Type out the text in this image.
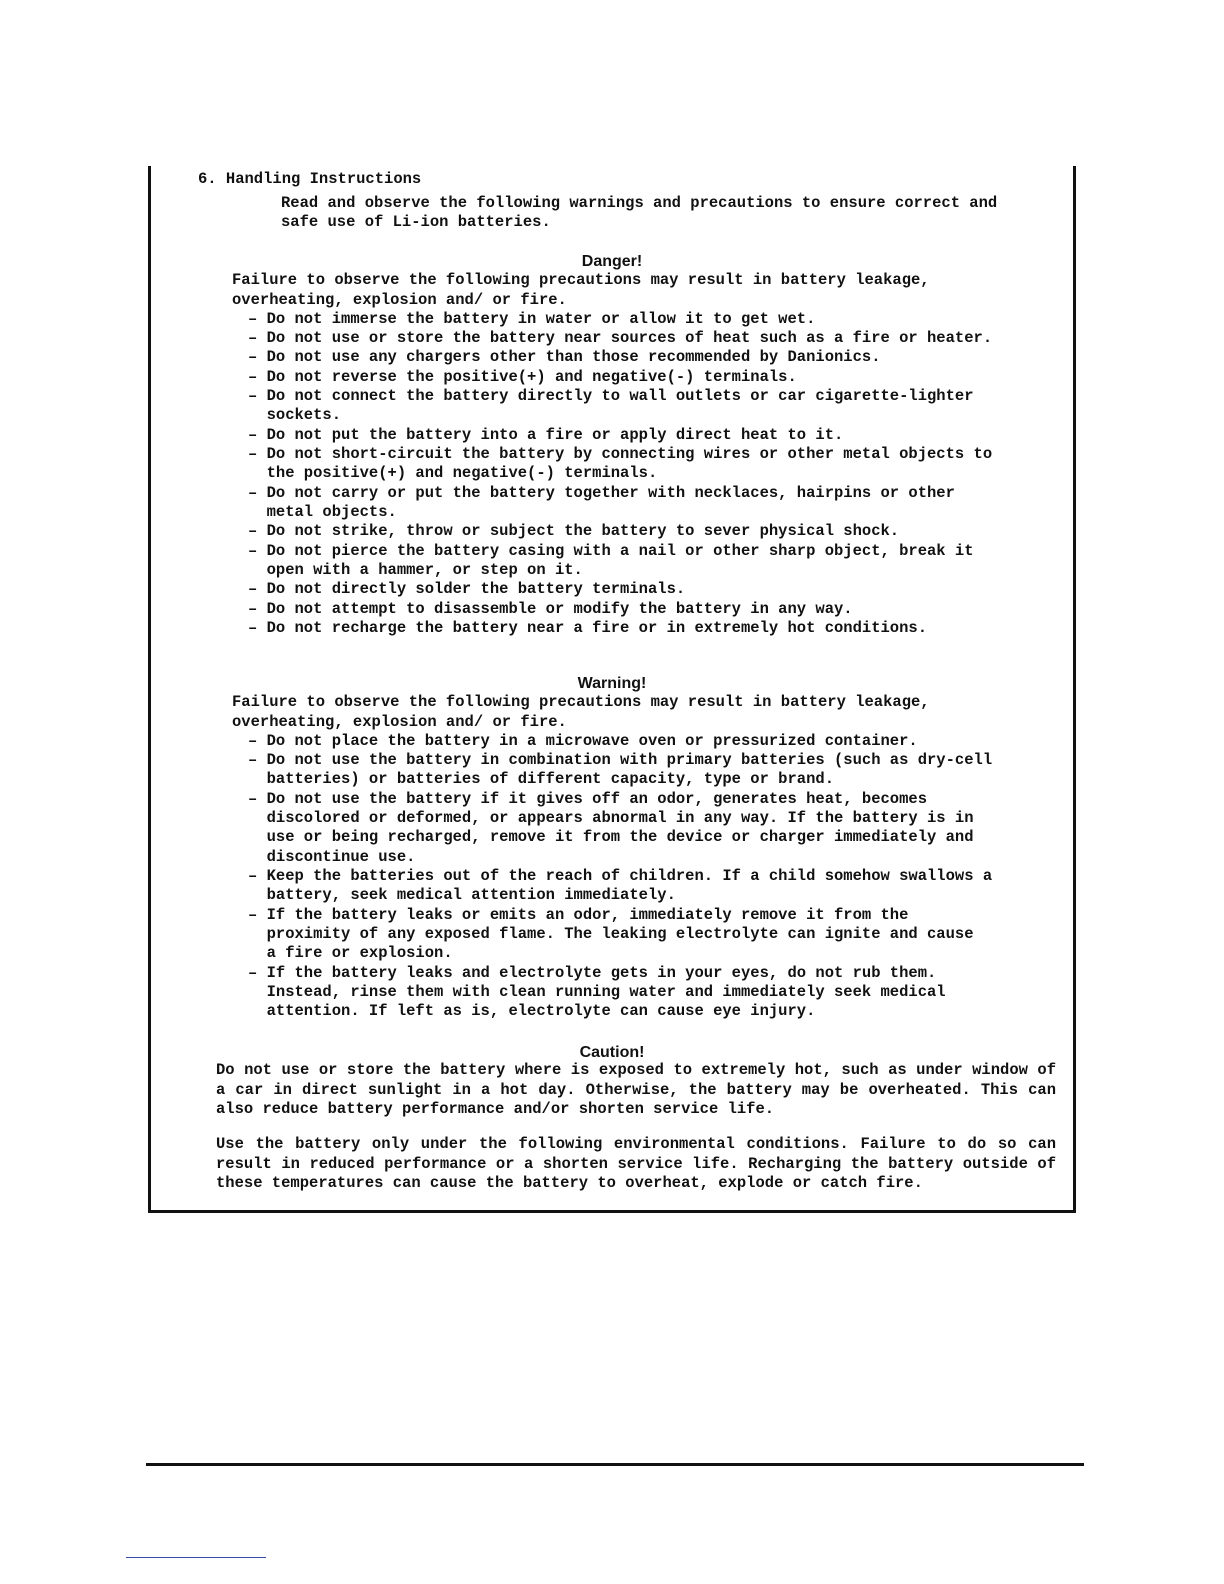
6. Handling Instructions
Read and observe the following warnings and precautions to ensure correct and
safe use of Li-ion batteries.
Danger!
Failure to observe the following precautions may result in battery leakage,
overheating, explosion and/ or fire.
– Do not immerse the battery in water or allow it to get wet.
– Do not use or store the battery near sources of heat such as a fire or heater.
– Do not use any chargers other than those recommended by Danionics.
– Do not reverse the positive(+) and negative(-) terminals.
– Do not connect the battery directly to wall outlets or car cigarette-lighter
sockets.
– Do not put the battery into a fire or apply direct heat to it.
– Do not short-circuit the battery by connecting wires or other metal objects to
the positive(+) and negative(-) terminals.
– Do not carry or put the battery together with necklaces, hairpins or other
metal objects.
– Do not strike, throw or subject the battery to sever physical shock.
– Do not pierce the battery casing with a nail or other sharp object, break it
open with a hammer, or step on it.
– Do not directly solder the battery terminals.
– Do not attempt to disassemble or modify the battery in any way.
– Do not recharge the battery near a fire or in extremely hot conditions.
Warning!
Failure to observe the following precautions may result in battery leakage,
overheating, explosion and/ or fire.
– Do not place the battery in a microwave oven or pressurized container.
– Do not use the battery in combination with primary batteries (such as dry-cell
batteries) or batteries of different capacity, type or brand.
– Do not use the battery if it gives off an odor, generates heat, becomes
discolored or deformed, or appears abnormal in any way. If the battery is in
use or being recharged, remove it from the device or charger immediately and
discontinue use.
– Keep the batteries out of the reach of children. If a child somehow swallows a
battery, seek medical attention immediately.
– If the battery leaks or emits an odor, immediately remove it from the
proximity of any exposed flame. The leaking electrolyte can ignite and cause
a fire or explosion.
– If the battery leaks and electrolyte gets in your eyes, do not rub them.
Instead, rinse them with clean running water and immediately seek medical
attention. If left as is, electrolyte can cause eye injury.
Caution!
Do not use or store the battery where is exposed to extremely hot, such as under window of a car in direct sunlight in a hot day. Otherwise, the battery may be overheated. This can also reduce battery performance and/or shorten service life.
Use the battery only under the following environmental conditions. Failure to do so can result in reduced performance or a shorten service life. Recharging the battery outside of these temperatures can cause the battery to overheat, explode or catch fire.
